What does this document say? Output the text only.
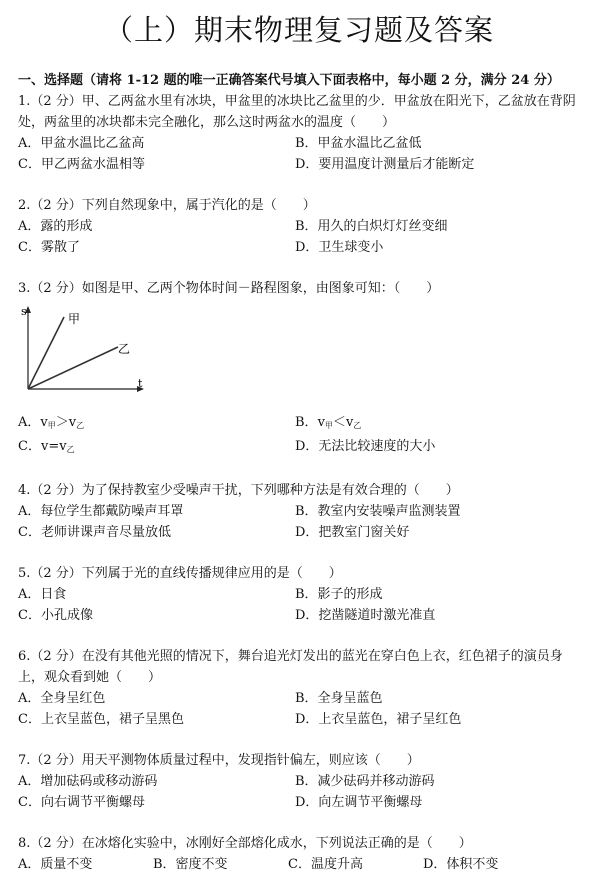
（上）期末物理复习题及答案
一、选择题（请将 1-12 题的唯一正确答案代号填入下面表格中，每小题 2 分，满分 24 分）

1.（2 分）甲、乙两盆水里有冰块，甲盆里的冰块比乙盆里的少．甲盆放在阳光下，乙盆放在背阴处，两盆里的冰块都未完全融化，那么这时两盆水的温度（　　）

A．甲盆水温比乙盆高	B．甲盆水温比乙盆低
C．甲乙两盆水温相等	D．要用温度计测量后才能断定

2.（2 分）下列自然现象中，属于汽化的是（　　）

A．露的形成	B．用久的白炽灯灯丝变细
C．雾散了	D．卫生球变小

3.（2 分）如图是甲、乙两个物体时间－路程图象，由图象可知：（　　）

s
t
甲
乙
A．$v_甲>v_乙$	B．$v_甲<v_乙$
C．$v=v_乙$	D．无法比较速度的大小

4.（2 分）为了保持教室少受噪声干扰，下列哪种方法是有效合理的（　　）

A．每位学生都戴防噪声耳罩	B．教室内安装噪声监测装置
C．老师讲课声音尽量放低	D．把教室门窗关好

5.（2 分）下列属于光的直线传播规律应用的是（　　）

A．日食	B．影子的形成
C．小孔成像	D．挖凿隧道时激光准直

6.（2 分）在没有其他光照的情况下，舞台追光灯发出的蓝光在穿白色上衣，红色裙子的演员身上，观众看到她（　　）

A．全身呈红色	B．全身呈蓝色
C．上衣呈蓝色，裙子呈黑色	D．上衣呈蓝色，裙子呈红色

7.（2 分）用天平测物体质量过程中，发现指针偏左，则应该（　　）

A．增加砝码或移动游码	B．减少砝码并移动游码
C．向右调节平衡螺母	D．向左调节平衡螺母

8.（2 分）在冰熔化实验中，冰刚好全部熔化成水，下列说法正确的是（　　）

A．质量不变	B．密度不变	C．温度升高	D．体积不变
